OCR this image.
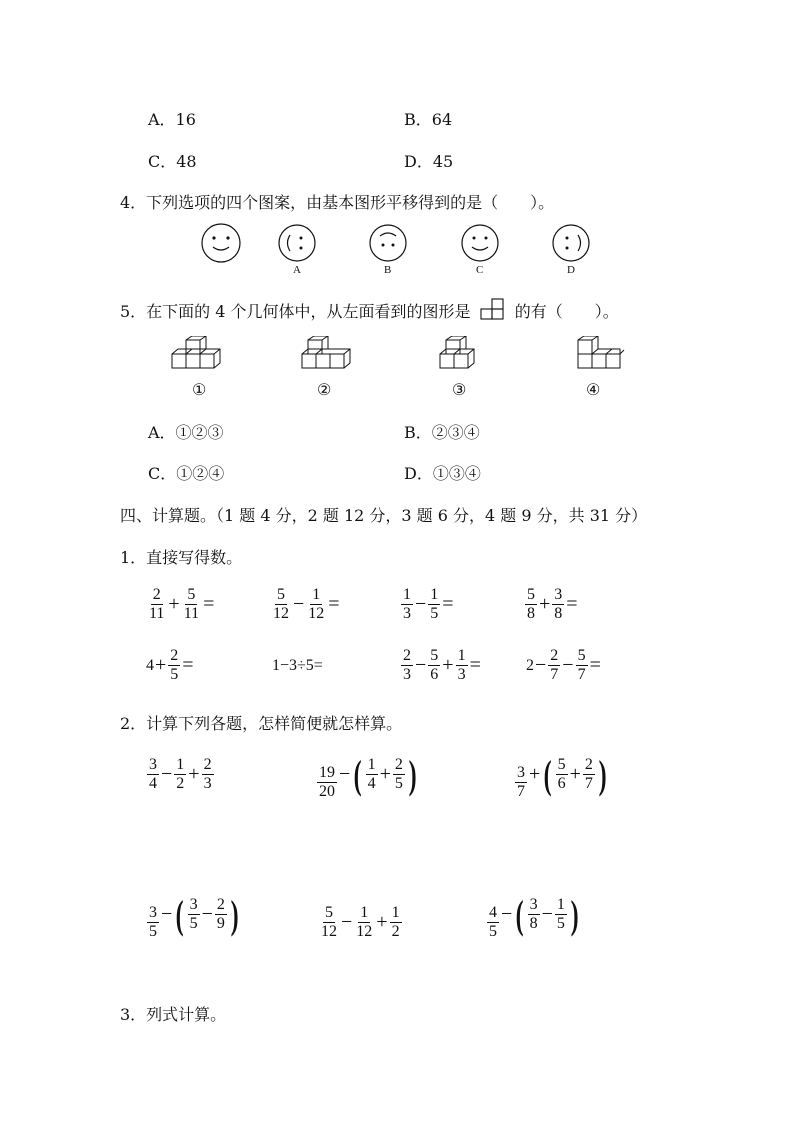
A．16	B．64
C．48	D．45
4．下列选项的四个图案，由基本图形平移得到的是（　　）。
A	B	C	D
5．在下面的 4 个几何体中，从左面看到的图形是	的有（　　）。
①	②	③	④
A．①②③	B．②③④
C．①②④	D．①③④
四、计算题。（1 题 4 分，2 题 12 分，3 题 6 分，4 题 9 分，共 31 分）
1．直接写得数。
$\frac{2}{11} + \frac{5}{11}$ =	$\frac{5}{12} - \frac{1}{12}$ =	$\frac{1}{3} - \frac{1}{5}$ =	$\frac{5}{8} + \frac{3}{8}$ =
$4 + \frac{2}{5}$ =	1−3÷5=	$\frac{2}{3} - \frac{5}{6} + \frac{1}{3}$ =	$2 - \frac{2}{7} - \frac{5}{7}$ =
2．计算下列各题，怎样简便就怎样算。
$\frac{3}{4} - \frac{1}{2} + \frac{2}{3}$	$\frac{19}{20}$ − ( $\frac{1}{4} + \frac{2}{5}$ )	$\frac{3}{7}$ + ( $\frac{5}{6} + \frac{2}{7}$ )
$\frac{3}{5}$ − ( $\frac{3}{5} - \frac{2}{9}$ )	$\frac{5}{12} - \frac{1}{12} + \frac{1}{2}$	$\frac{4}{5}$ − ( $\frac{3}{8} - \frac{1}{5}$ )
3．列式计算。
